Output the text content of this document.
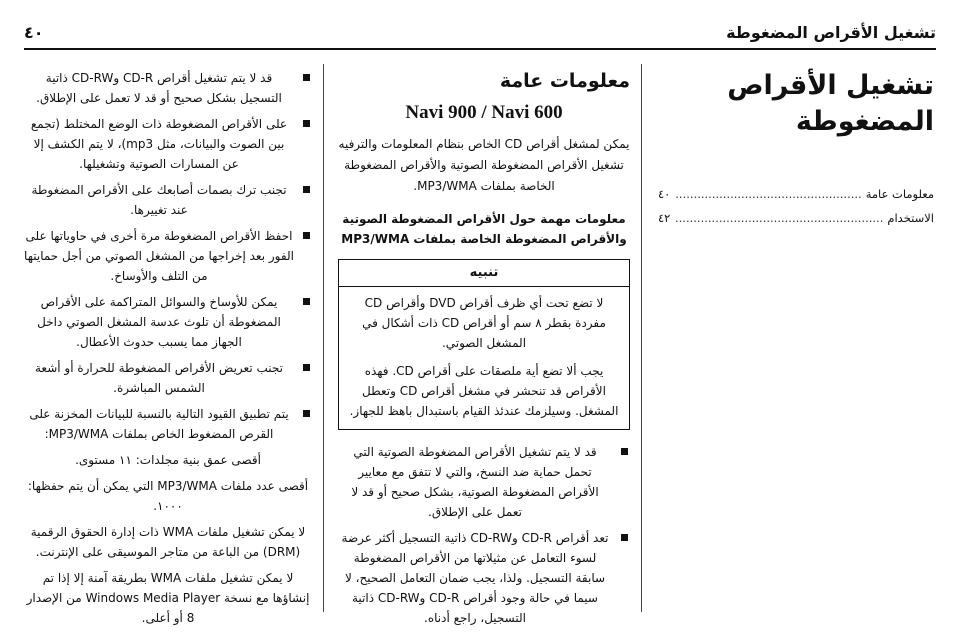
تشغيل الأقراص المضغوطة
٤٠
تشغيل الأقراص المضغوطة
معلومات عامة
.....
٤٠
الاستخدام
.....
٤٢
معلومات عامة
Navi 900 / Navi 600

يمكن لمشغل أقراص CD الخاص بنظام المعلومات والترفيه تشغيل الأقراص المضغوطة الصوتية والأقراص المضغوطة الخاصة بملفات MP3/WMA.

معلومات مهمة حول الأقراص المضغوطة الصوتية والأقراص المضغوطة الخاصة بملفات MP3/WMA
تنبيه

لا تضع تحت أي ظرف أقراص DVD وأقراص CD مفردة بقطر ٨ سم أو أقراص CD ذات أشكال في المشغل الصوتي.

يجب ألا تضع أية ملصقات على أقراص CD. فهذه الأقراص قد تنحشر في مشغل أقراص CD وتعطل المشغل. وسيلزمك عندئذ القيام باستبدال باهظ للجهاز.

قد لا يتم تشغيل الأقراص المضغوطة الصوتية التي تحمل حماية ضد النسخ، والتي لا تتفق مع معايير الأقراص المضغوطة الصوتية، بشكل صحيح أو قد لا تعمل على الإطلاق.
تعد أقراص CD-R وCD-RW ذاتية التسجيل أكثر عرضة لسوء التعامل عن مثيلاتها من الأقراص المضغوطة سابقة التسجيل. ولذا، يجب ضمان التعامل الصحيح، لا سيما في حالة وجود أقراص CD-R وCD-RW ذاتية التسجيل، راجع أدناه.
قد لا يتم تشغيل أقراص CD-R وCD-RW ذاتية التسجيل بشكل صحيح أو قد لا تعمل على الإطلاق.
على الأقراص المضغوطة ذات الوضع المختلط (تجمع بين الصوت والبيانات، مثل mp3)، لا يتم الكشف إلا عن المسارات الصوتية وتشغيلها.
تجنب ترك بصمات أصابعك على الأقراص المضغوطة عند تغييرها.
احفظ الأقراص المضغوطة مرة أخرى في حاوياتها على الفور بعد إخراجها من المشغل الصوتي من أجل حمايتها من التلف والأوساخ.
يمكن للأوساخ والسوائل المتراكمة على الأقراص المضغوطة أن تلوث عدسة المشغل الصوتي داخل الجهاز مما يسبب حدوث الأعطال.
تجنب تعريض الأقراص المضغوطة للحرارة أو أشعة الشمس المباشرة.
يتم تطبيق القيود التالية بالنسبة للبيانات المخزنة على القرص المضغوط الخاص بملفات MP3/WMA:

أقصى عمق بنية مجلدات: ١١ مستوى.

أقصى عدد ملفات MP3/WMA التي يمكن أن يتم حفظها: ١٠٠٠.

لا يمكن تشغيل ملفات WMA ذات إدارة الحقوق الرقمية (DRM) من الباعة من متاجر الموسيقى على الإنترنت.

لا يمكن تشغيل ملفات WMA بطريقة آمنة إلا إذا تم إنشاؤها مع نسخة Windows Media Player من الإصدار 8 أو أعلى.
